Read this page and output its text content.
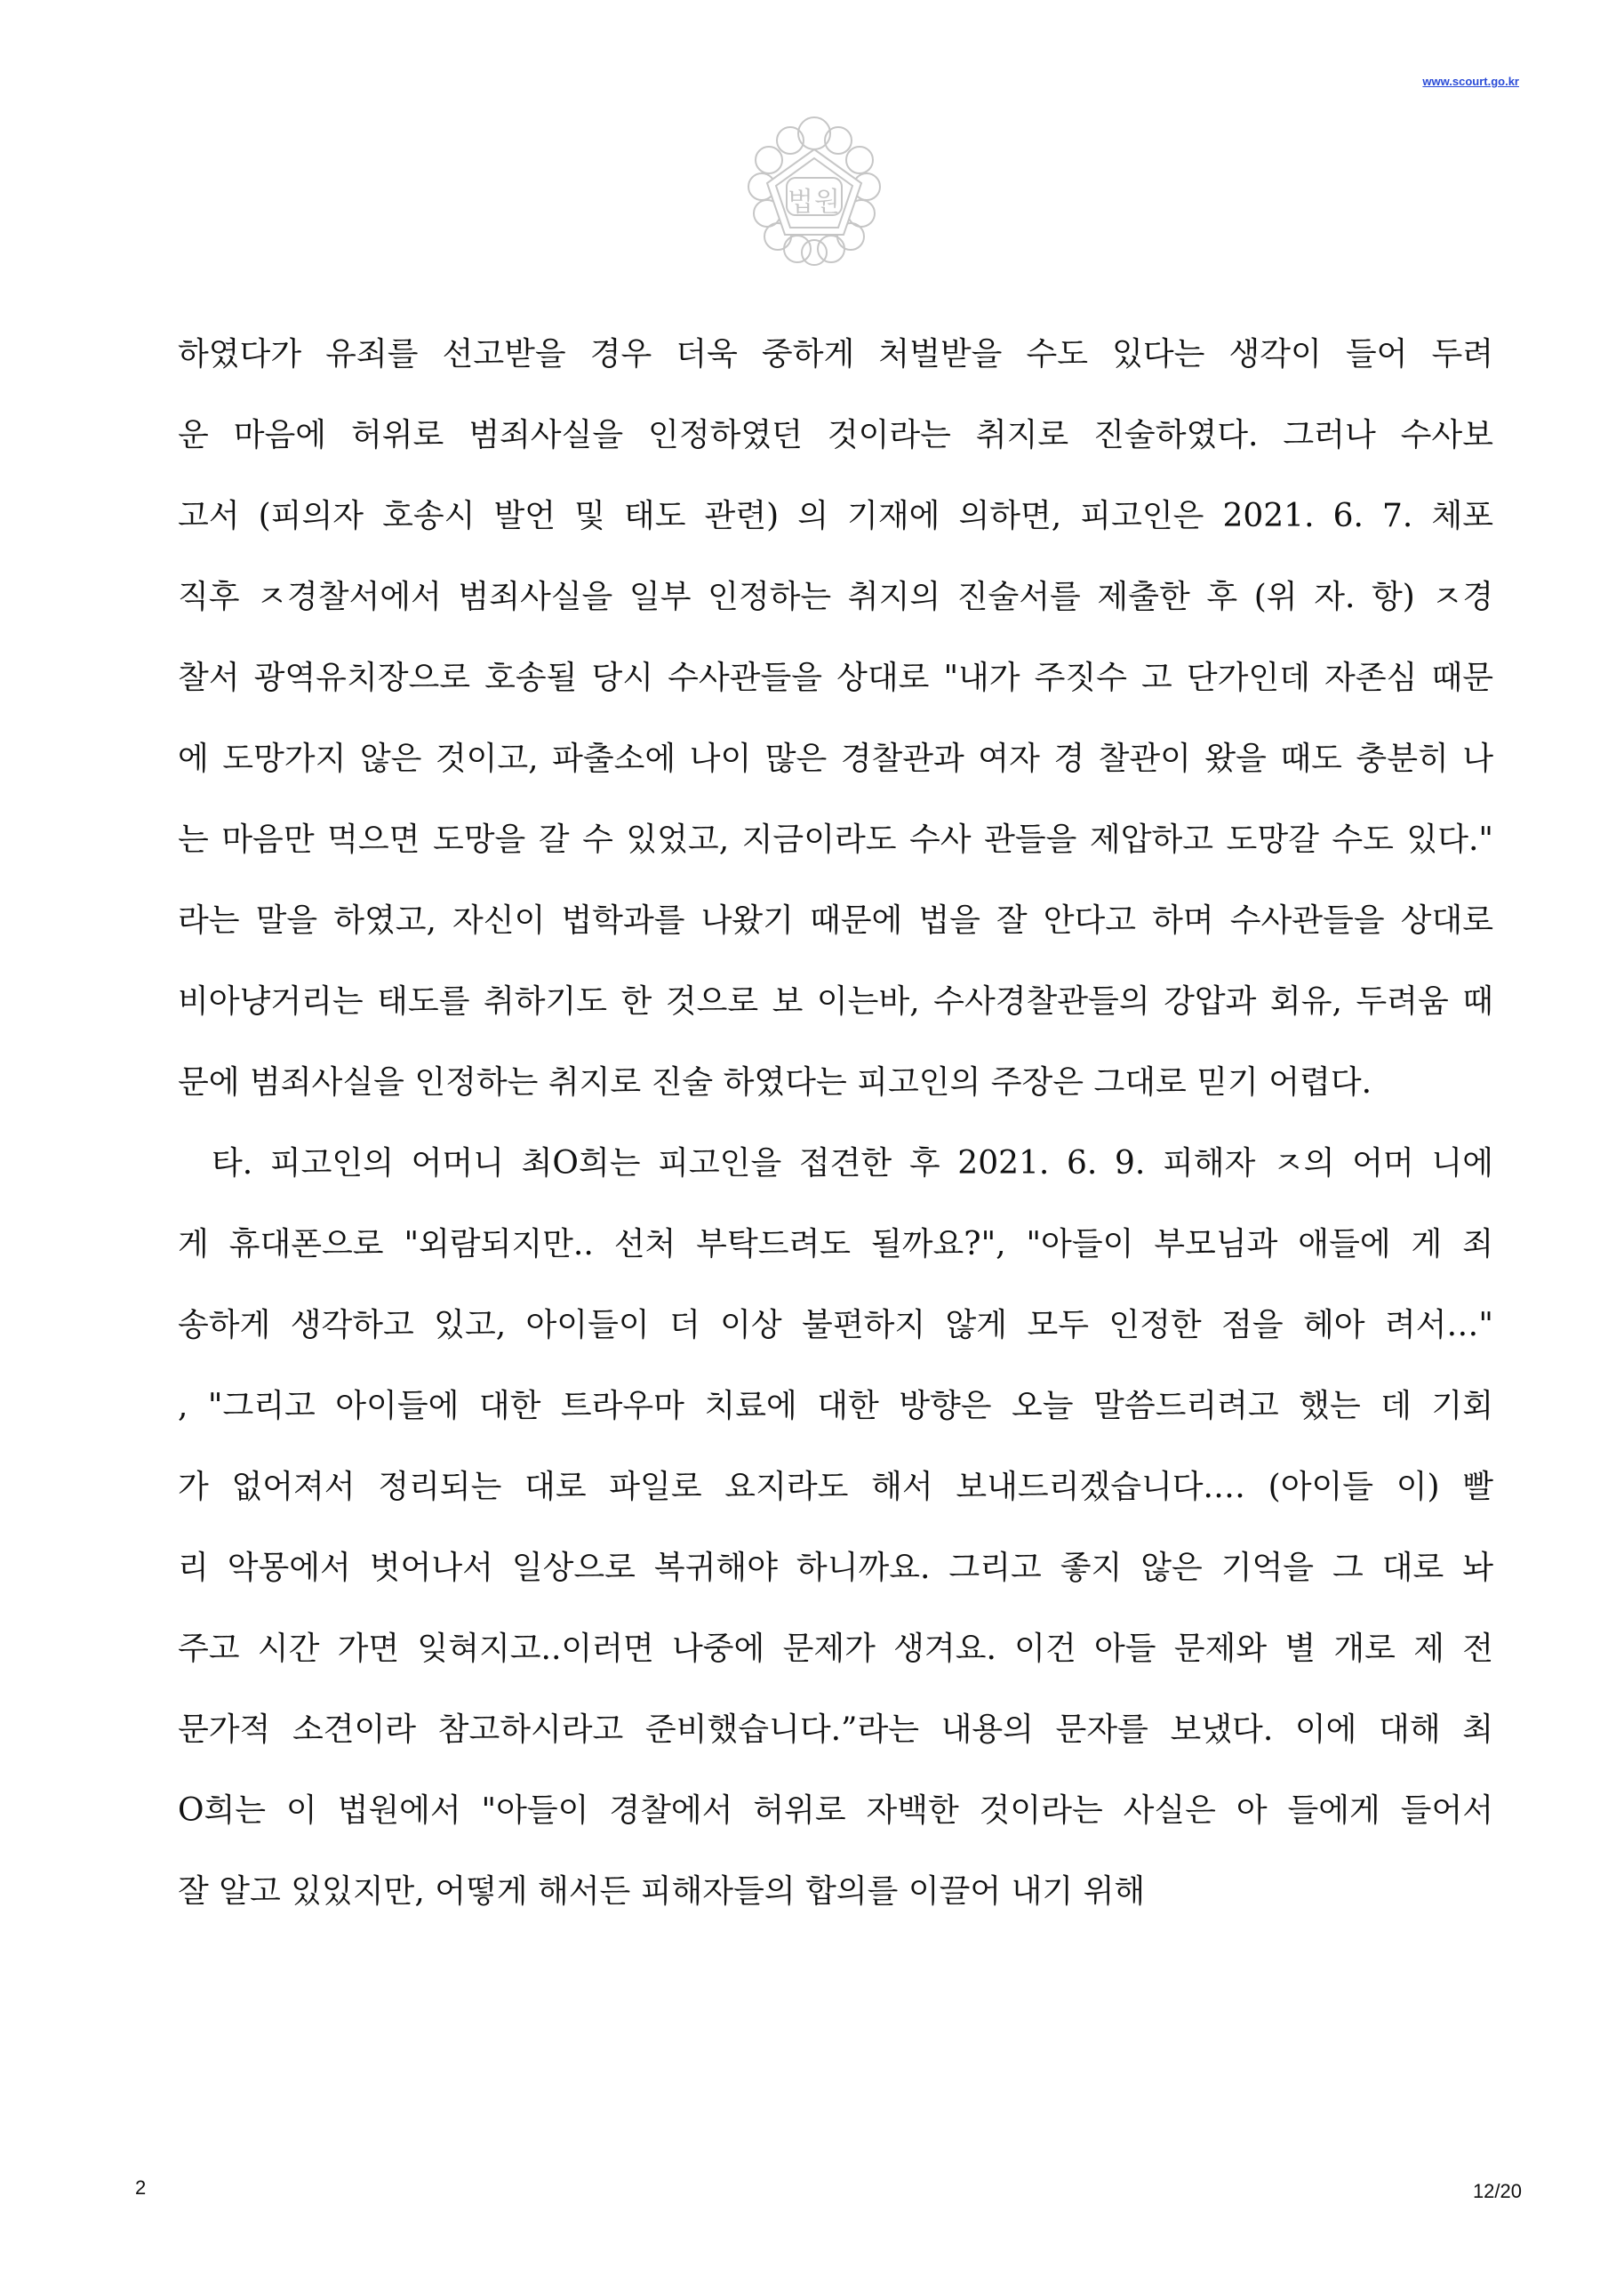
www.scourt.go.kr
법원
하였다가 유죄를 선고받을 경우 더욱 중하게 처벌받을 수도 있다는 생각이 들어 두려
운 마음에 허위로 범죄사실을 인정하였던 것이라는 취지로 진술하였다. 그러나 수사보
고서 (피의자 호송시 발언 및 태도 관련) 의 기재에 의하면, 피고인은 2021. 6. 7. 체포
직후 ㅈ경찰서에서 범죄사실을 일부 인정하는 취지의 진술서를 제출한 후 (위 자. 항) ㅈ경
찰서 광역유치장으로 호송될 당시 수사관들을 상대로 "내가 주짓수 고 단가인데 자존심 때문
에 도망가지 않은 것이고, 파출소에 나이 많은 경찰관과 여자 경 찰관이 왔을 때도 충분히 나
는 마음만 먹으면 도망을 갈 수 있었고, 지금이라도 수사 관들을 제압하고 도망갈 수도 있다."
라는 말을 하였고, 자신이 법학과를 나왔기 때문에 법을 잘 안다고 하며 수사관들을 상대로
비아냥거리는 태도를 취하기도 한 것으로 보 이는바, 수사경찰관들의 강압과 회유, 두려움 때
문에 범죄사실을 인정하는 취지로 진술 하였다는 피고인의 주장은 그대로 믿기 어렵다.
타. 피고인의 어머니 최O희는 피고인을 접견한 후 2021. 6. 9. 피해자 ㅈ의 어머 니에
게 휴대폰으로 "외람되지만.. 선처 부탁드려도 될까요?", "아들이 부모님과 애들에 게 죄
송하게 생각하고 있고, 아이들이 더 이상 불편하지 않게 모두 인정한 점을 헤아 려서…"
, "그리고 아이들에 대한 트라우마 치료에 대한 방향은 오늘 말씀드리려고 했는 데 기회
가 없어져서 정리되는 대로 파일로 요지라도 해서 보내드리겠습니다.… (아이들 이) 빨
리 악몽에서 벗어나서 일상으로 복귀해야 하니까요. 그리고 좋지 않은 기억을 그 대로 놔
주고 시간 가면 잊혀지고..이러면 나중에 문제가 생겨요. 이건 아들 문제와 별 개로 제 전
문가적 소견이라 참고하시라고 준비했습니다.”라는 내용의 문자를 보냈다. 이에 대해 최
O희는 이 법원에서 "아들이 경찰에서 허위로 자백한 것이라는 사실은 아 들에게 들어서
잘 알고 있있지만, 어떻게 해서든 피해자들의 합의를 이끌어 내기 위해
2	12/20
